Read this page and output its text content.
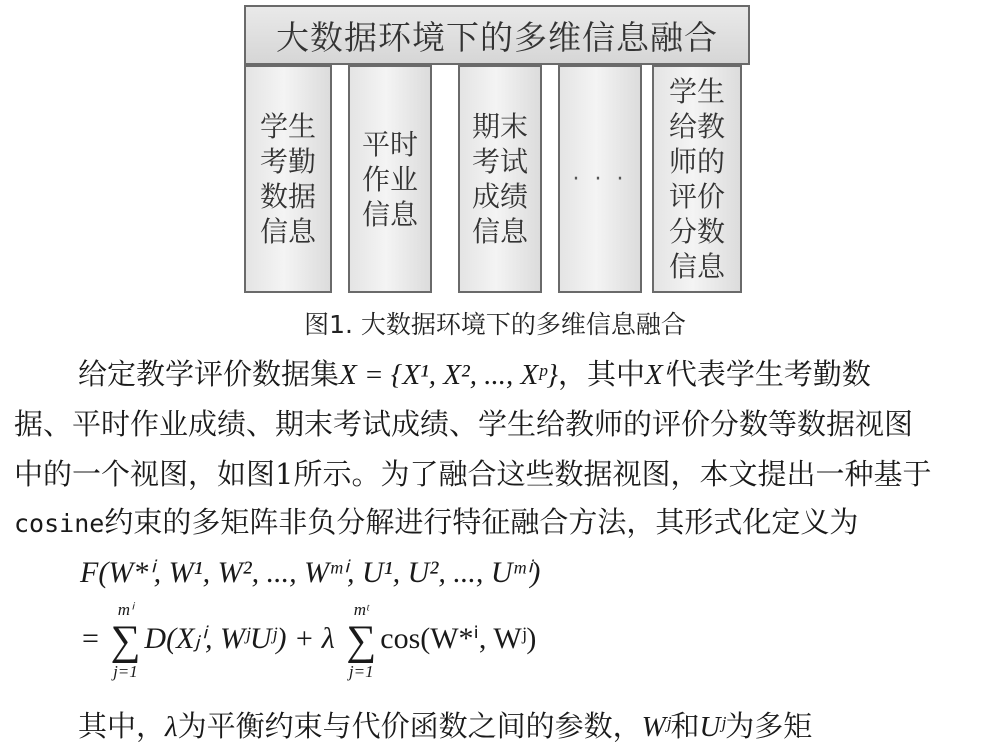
大数据环境下的多维信息融合
学生
考勤
数据
信息
平时
作业
信息
期末
考试
成绩
信息
· · ·
学生
给教
师的
评价
分数
信息
图1. 大数据环境下的多维信息融合
给定教学评价数据集X = {X¹, X², ..., Xᵖ}，其中Xⁱ代表学生考勤数
据、平时作业成绩、期末考试成绩、学生给教师的评价分数等数据视图
中的一个视图，如图1所示。为了融合这些数据视图，本文提出一种基于
cosine约束的多矩阵非负分解进行特征融合方法，其形式化定义为
F(W*ⁱ, W¹, W², ..., Wᵐⁱ, U¹, U², ..., Uᵐⁱ)
=
mⁱ
∑
j=1
D(Xⱼⁱ, WʲUʲ) + λ
mᵗ
∑
j=1
cos(W*ⁱ, Wʲ)
其中，λ为平衡约束与代价函数之间的参数，Wʲ和Uʲ为多矩
